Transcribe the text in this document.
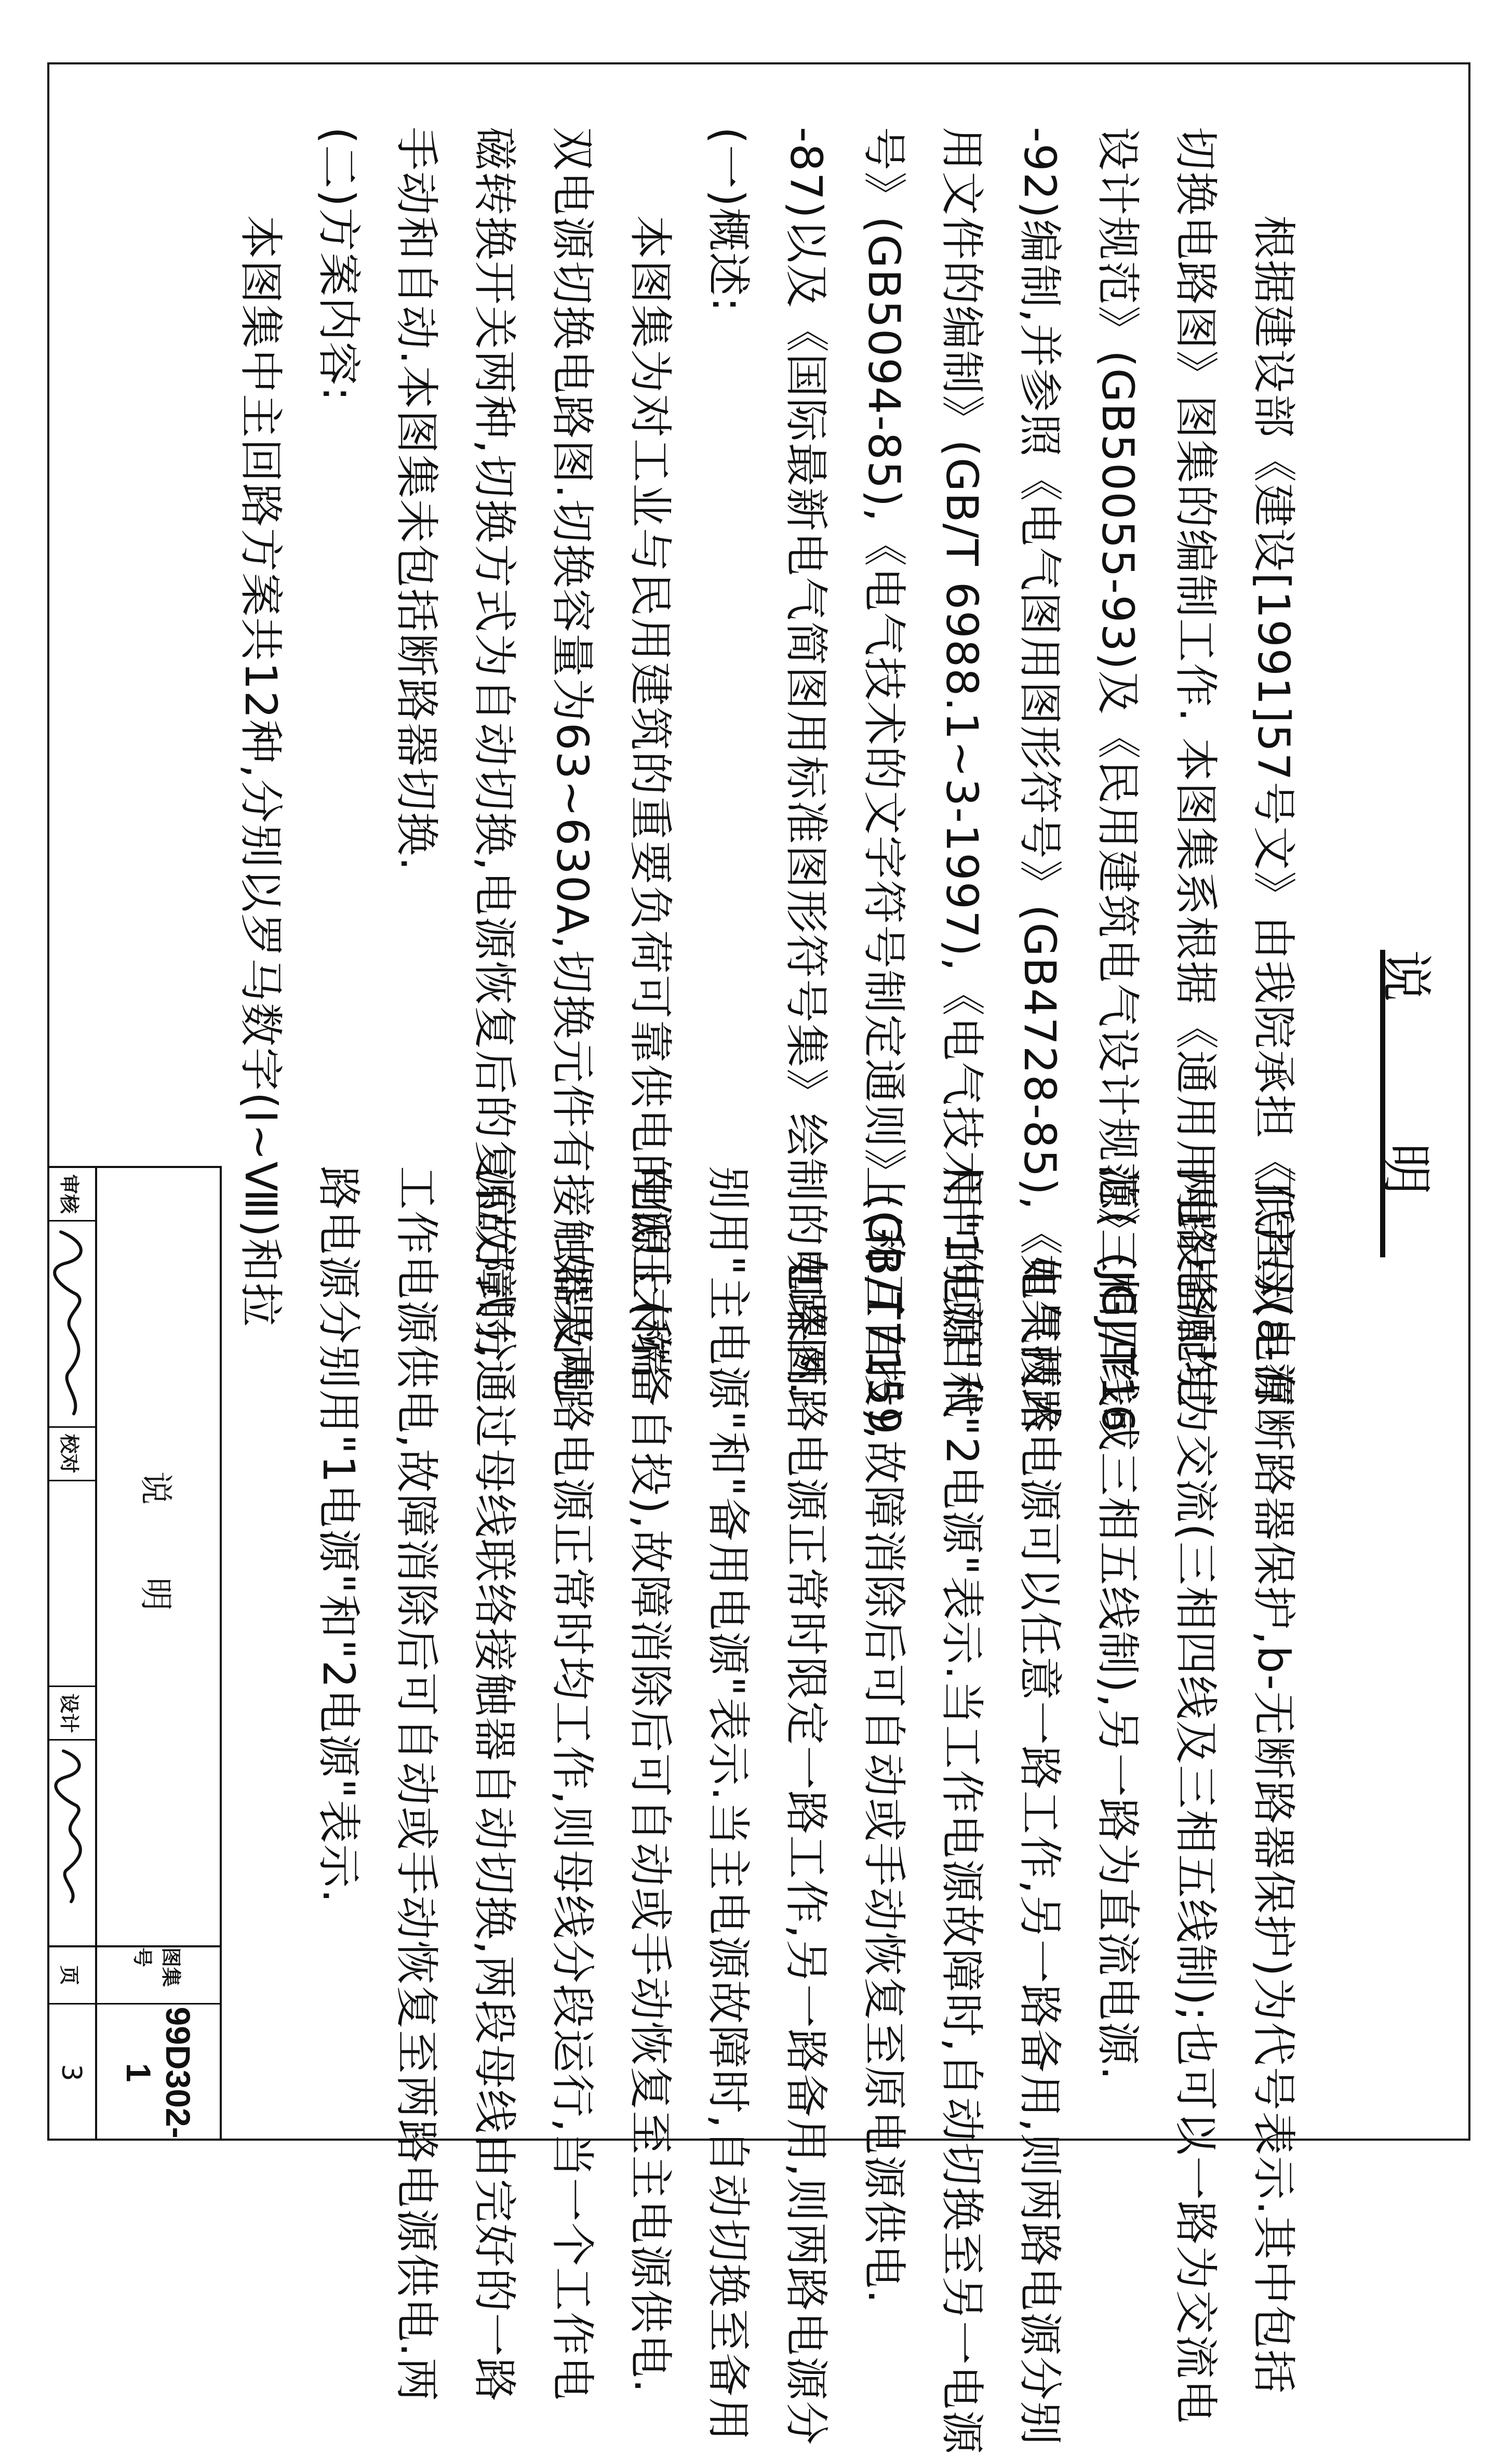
说 明
根据建设部《建设[1991]57号文》由我院承担《低压双电源
切换电路图》图集的编制工作. 本图集系根据《通用用电设备配电
设计规范》(GB50055-93)及《民用建筑电气设计规范》(JGJ/T16
-92)编制,并参照《电气图用图形符号》(GB4728-85),《电气技术
用文件的编制》(GB/T 6988.1~3-1997),《电气技术中的项目代
号》(GB5094-85),《电气技术的文字符号制定通则》(GB/T7159
-87)以及《国际最新电气简图用标准图形符号集》绘制的电路图.
(一)概述:
本图集为对工业与民用建筑的重要负荷可靠供电的低压末端
双电源切换电路图.切换容量为63~630A,切换元件有接触器及电
磁转换开关两种,切换方式为自动切换,电源恢复后的复位方式分
手动和自动.本图集未包括断路器切换.
(二)方案内容:
本图集中主回路方案共12种,分别以罗马数字(Ⅰ~Ⅷ)和拉
丁字母(a-有断路器保护,b-无断路器保护)为代号表示.其中包括
两路电源均为交流(三相四线及三相五线制);也可以一路为交流电
源(三相四线或三相五线制),另一路为直流电源.
如果两路电源可以任意一路工作,另一路备用,则两路电源分别
用"1电源"和"2电源"表示.当工作电源故障时,自动切换至另一电源
上(称互自投),故障消除后可自动或手动恢复至原电源供电.
如果两路电源正常时限定一路工作,另一路备用,则两路电源分
别用"主电源"和"备用电源"表示.当主电源故障时,自动切换至备用
电源上(称备自投),故障消除后可自动或手动恢复至主电源供电.
如果两路电源正常时均工作,则母线分段运行,当一个工作电
源故障时,通过母线联络接触器自动切换,两段母线由完好的一路
工作电源供电,故障消除后可自动或手动恢复至两路电源供电.两
路电源分别用"1电源"和"2电源"表示.
说 明
审核
校对
设计
图集号
99D302-1
页
3
